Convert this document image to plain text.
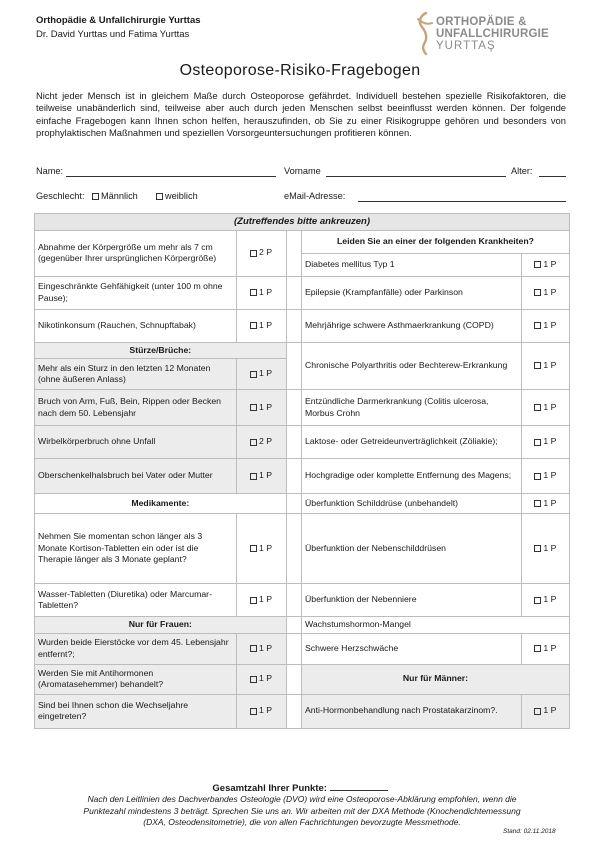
Orthopädie & Unfallchirurgie Yurttas
Dr. David Yurttas und Fatima Yurttas
ORTHOPÄDIE &
UNFALLCHIRURGIE
YURTTAŞ
Osteoporose-Risiko-Fragebogen
Nicht jeder Mensch ist in gleichem Maße durch Osteoporose gefährdet. Individuell bestehen spezielle Risikofaktoren, die teilweise unabänderlich sind, teilweise aber auch durch jeden Menschen selbst beeinflusst werden können. Der folgende einfache Fragebogen kann Ihnen schon helfen, herauszufinden, ob Sie zu einer Risikogruppe gehören und besonders von prophylaktischen Maßnahmen und speziellen Vorsorgeuntersuchungen profitieren können.
Name:	Vorname	Alter:
Geschlecht:	Männlich	weiblich	eMail-Adresse:
(Zutreffendes bitte ankreuzen)				
Abnahme der Körpergröße um mehr als 7 cm (gegenüber Ihrer ursprünglichen Körpergröße)	2 P		Leiden Sie an einer der folgenden Krankheiten?	
			Diabetes mellitus Typ 1	1 P
Eingeschränkte Gehfähigkeit (unter 100 m ohne Pause);	1 P		Epilepsie (Krampfanfälle) oder Parkinson	1 P
Nikotinkonsum (Rauchen, Schnupftabak)	1 P		Mehrjährige schwere Asthmaerkrankung (COPD)	1 P
Stürze/Brüche:			Chronische Polyarthritis oder Bechterew-Erkrankung	1 P
Mehr als ein Sturz in den letzten 12 Monaten (ohne äußeren Anlass)	1 P			
Bruch von Arm, Fuß, Bein, Rippen oder Becken nach dem 50. Lebensjahr	1 P		Entzündliche Darmerkrankung (Colitis ulcerosa, Morbus Crohn	1 P
Wirbelkörperbruch ohne Unfall	2 P		Laktose- oder Getreideunverträglichkeit (Zöliakie);	1 P
Oberschenkelhalsbruch bei Vater oder Mutter	1 P		Hochgradige oder komplette Entfernung des Magens;	1 P
Medikamente:			Überfunktion Schilddrüse (unbehandelt)	1 P
Nehmen Sie momentan schon länger als 3 Monate Kortison-Tabletten ein oder ist die Therapie länger als 3 Monate geplant?	1 P		Überfunktion der Nebenschilddrüsen	1 P
Wasser-Tabletten (Diuretika) oder Marcumar-Tabletten?	1 P		Überfunktion der Nebenniere	1 P
Nur für Frauen:			Wachstumshormon-Mangel	
Wurden beide Eierstöcke vor dem 45. Lebensjahr entfernt?;	1 P		Schwere Herzschwäche	1 P
Werden Sie mit Antihormonen (Aromatasehemmer) behandelt?	1 P		Nur für Männer:	
Sind bei Ihnen schon die Wechseljahre eingetreten?	1 P		Anti-Hormonbehandlung nach Prostatakarzinom?.	1 P
Gesamtzahl Ihrer Punkte:
Nach den Leitlinien des Dachverbandes Osteologie (DVO) wird eine Osteoporose-Abklärung empfohlen, wenn die Punktezahl mindestens 3 beträgt. Sprechen Sie uns an. Wir arbeiten mit der DXA Methode (Knochendichtemessung (DXA, Osteodensitometrie), die von allen Fachrichtungen bevorzugte Messmethode.
Stand: 02.11.2018
